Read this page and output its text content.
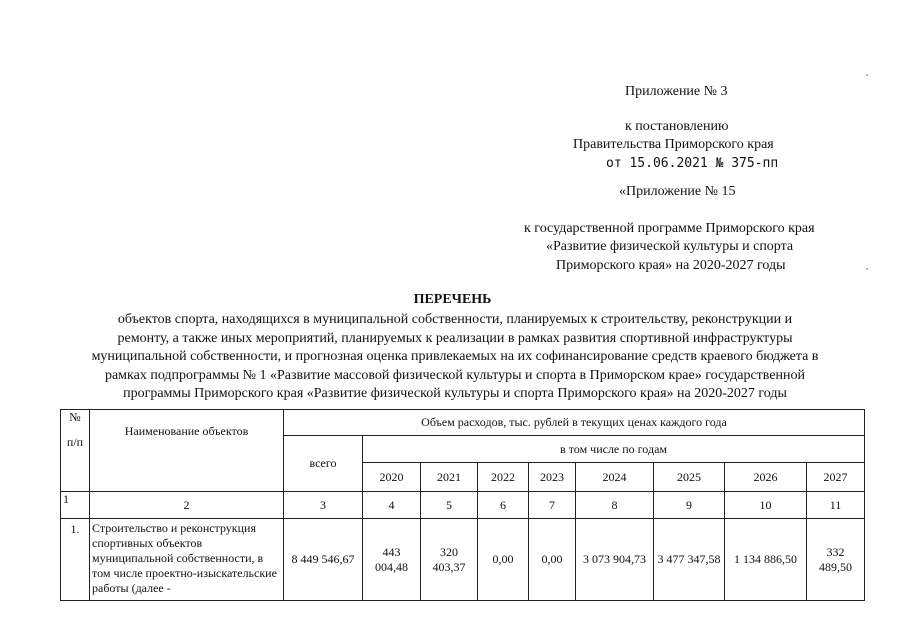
Приложение № 3
к постановлению
Правительства Приморского края
от 15.06.2021 № 375-пп
«Приложение № 15
к государственной программе Приморского края
«Развитие физической культуры и спорта
Приморского края» на 2020-2027 годы
ПЕРЕЧЕНЬ
объектов спорта, находящихся в муниципальной собственности, планируемых к строительству, реконструкции и
ремонту, а также иных мероприятий, планируемых к реализации в рамках развития спортивной инфраструктуры
муниципальной собственности, и прогнозная оценка привлекаемых на их софинансирование средств краевого бюджета в
рамках подпрограммы № 1 «Развитие массовой физической культуры и спорта в Приморском крае» государственной
программы Приморского края «Развитие физической культуры и спорта Приморского края» на 2020-2027 годы
№
п/п	Наименование объектов	Объем расходов, тыс. рублей в текущих ценах каждого года								
		всего	в том числе по годам							
			2020	2021	2022	2023	2024	2025	2026	2027
1	2	3	4	5	6	7	8	9	10	11
1.	Строительство и реконструкция спортивных объектов муниципальной собственности, в том числе проектно-изыскательские работы (далее -	8 449 546,67	443 004,48	320 403,37	0,00	0,00	3 073 904,73	3 477 347,58	1 134 886,50	332 489,50
